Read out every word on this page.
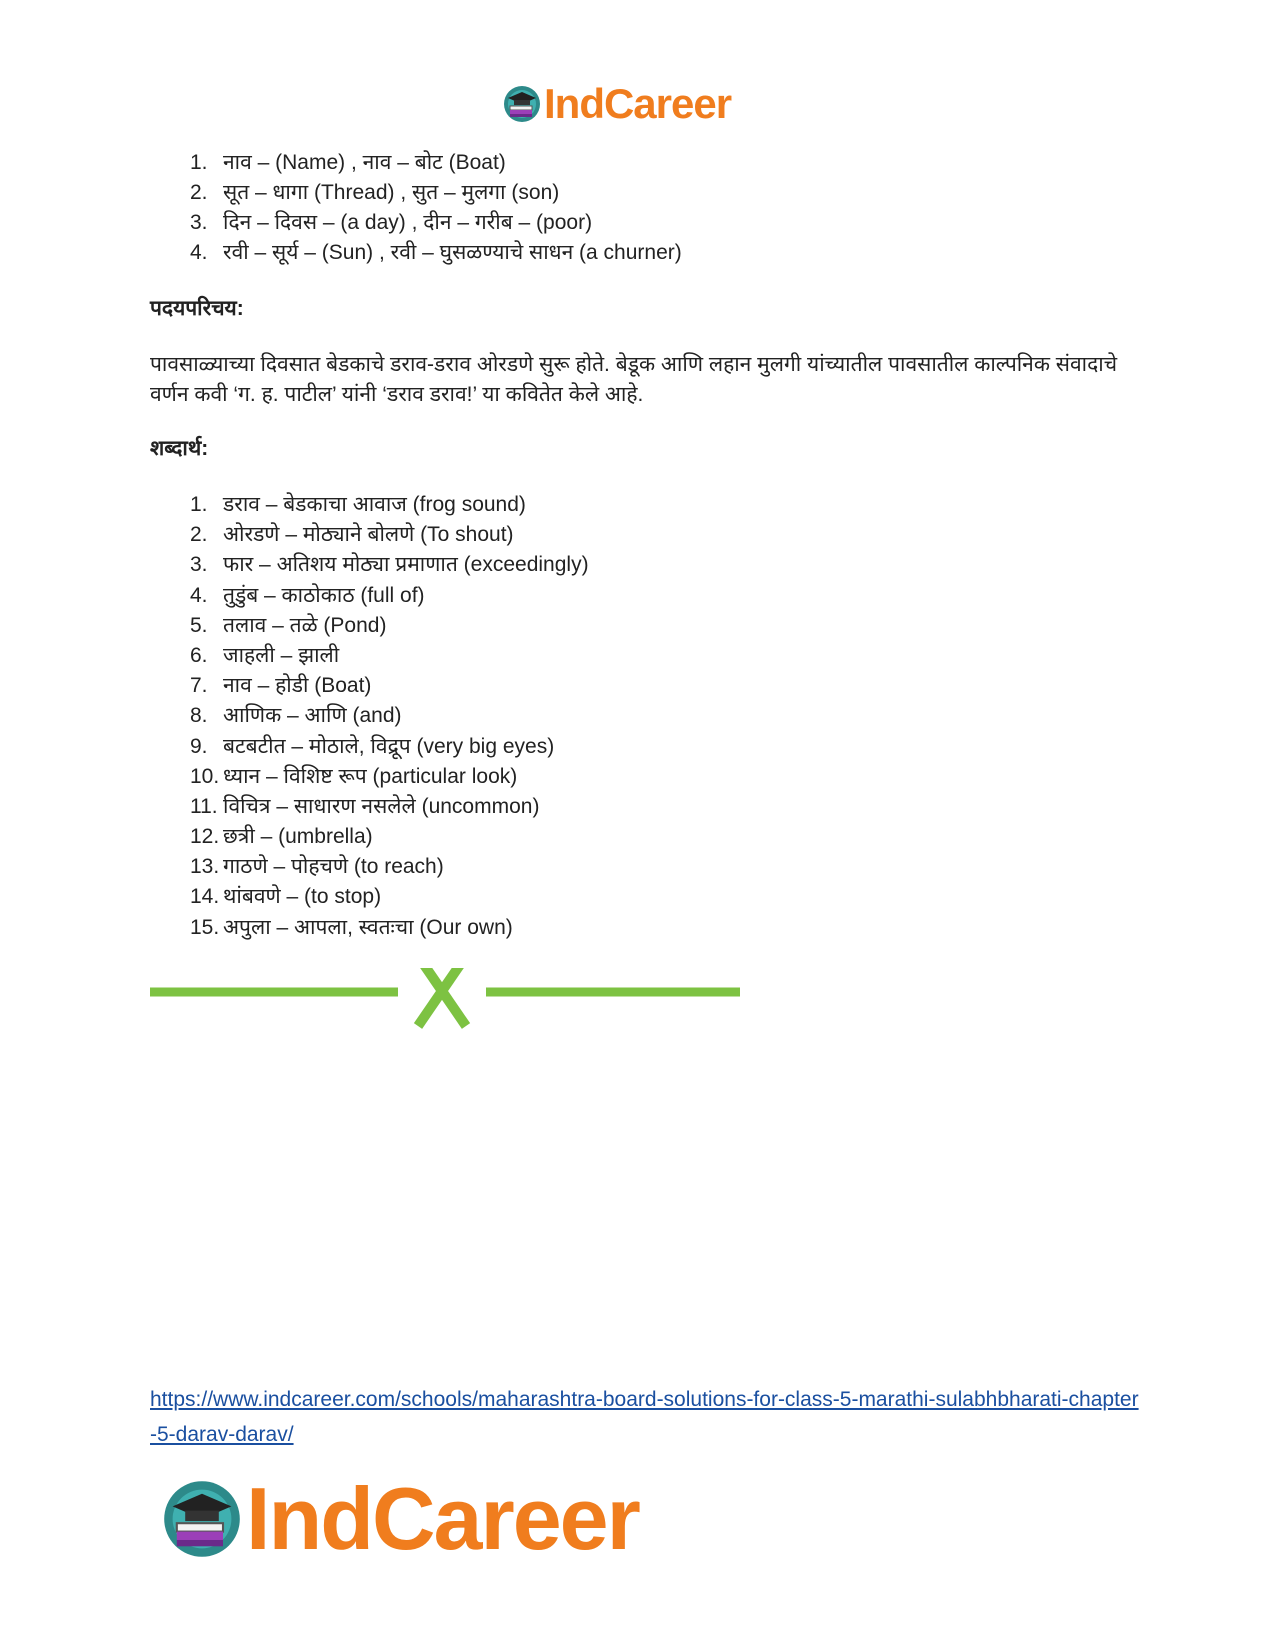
IndCareer
1. नाव – (Name) , नाव – बोट (Boat)
2. सूत – धागा (Thread) , सुत – मुलगा (son)
3. दिन – दिवस – (a day) , दीन – गरीब – (poor)
4. रवी – सूर्य – (Sun) , रवी – घुसळण्याचे साधन (a churner)
पदयपरिचय:
पावसाळ्याच्या दिवसात बेडकाचे डराव-डराव ओरडणे सुरू होते. बेडूक आणि लहान मुलगी यांच्यातील पावसातील काल्पनिक संवादाचे वर्णन कवी ‘ग. ह. पाटील’ यांनी ‘डराव डराव!’ या कवितेत केले आहे.
शब्दार्थ:
1. डराव – बेडकाचा आवाज (frog sound)
2. ओरडणे – मोठ्याने बोलणे (To shout)
3. फार – अतिशय मोठ्या प्रमाणात (exceedingly)
4. तुडुंब – काठोकाठ (full of)
5. तलाव – तळे (Pond)
6. जाहली – झाली
7. नाव – होडी (Boat)
8. आणिक – आणि (and)
9. बटबटीत – मोठाले, विद्रूप (very big eyes)
10. ध्यान – विशिष्ट रूप (particular look)
11. विचित्र – साधारण नसलेले (uncommon)
12. छत्री – (umbrella)
13. गाठणे – पोहचणे (to reach)
14. थांबवणे – (to stop)
15. अपुला – आपला, स्वतःचा (Our own)
https://www.indcareer.com/schools/maharashtra-board-solutions-for-class-5-marathi-sulabhbharati-chapter-5-darav-darav/
IndCareer
